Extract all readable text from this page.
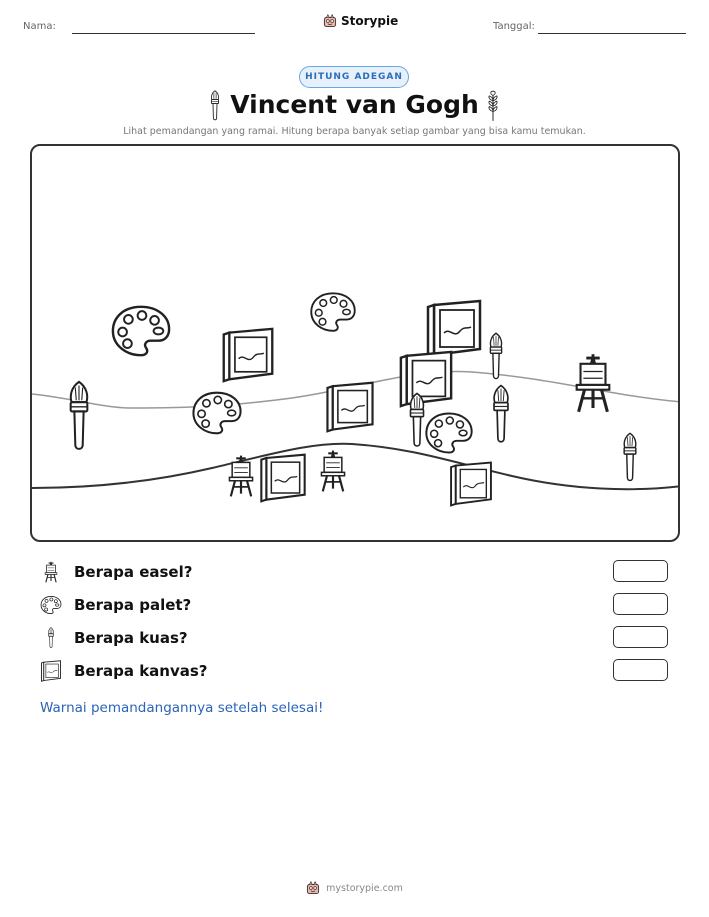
Nama:	Storypie	Tanggal:
HITUNG ADEGAN
Vincent van Gogh
Lihat pemandangan yang ramai. Hitung berapa banyak setiap gambar yang bisa kamu temukan.
Berapa easel?
Berapa palet?
Berapa kuas?
Berapa kanvas?
Warnai pemandangannya setelah selesai!
mystorypie.com
